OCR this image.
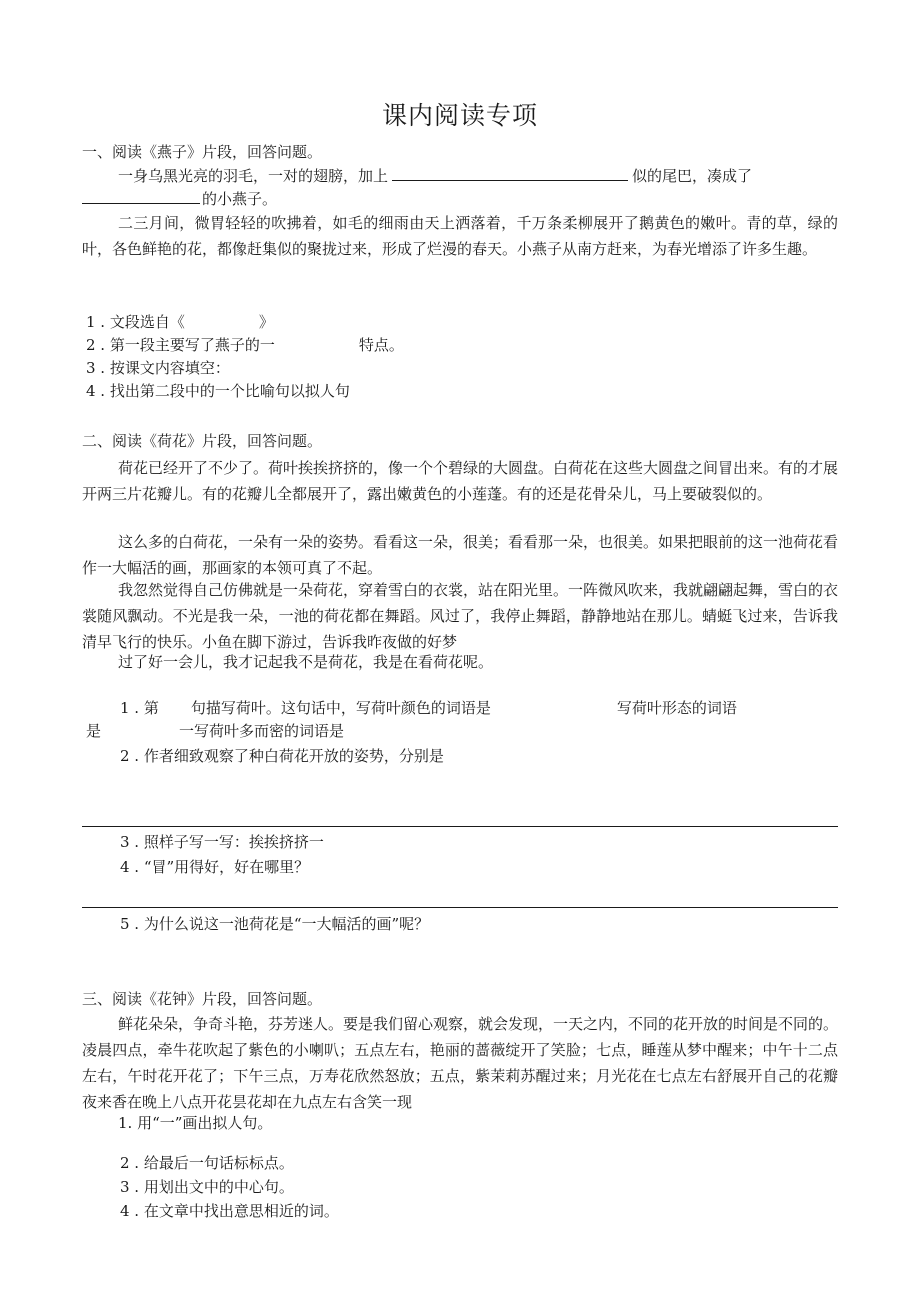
课内阅读专项
一、阅读《燕子》片段，回答问题。
一身乌黑光亮的羽毛，一对的翅膀，加上	似的尾巴，凑成了
的小燕子。
二三月间，微胃轻轻的吹拂着，如毛的细雨由天上洒落着，千万条柔柳展开了鹅黄色的嫩叶。青的草，绿的叶，各色鲜艳的花，都像赶集似的聚拢过来，形成了烂漫的春天。小燕子从南方赶来，为春光增添了许多生趣。
1 . 文段选自《	》
2 . 第一段主要写了燕子的一	特点。
3 . 按课文内容填空：
4 . 找出第二段中的一个比喻句以拟人句
二、阅读《荷花》片段，回答问题。
荷花已经开了不少了。荷叶挨挨挤挤的，像一个个碧绿的大圆盘。白荷花在这些大圆盘之间冒出来。有的才展开两三片花瓣儿。有的花瓣儿全都展开了，露出嫩黄色的小莲蓬。有的还是花骨朵儿，马上要破裂似的。
这么多的白荷花，一朵有一朵的姿势。看看这一朵，很美；看看那一朵，也很美。如果把眼前的这一池荷花看作一大幅活的画，那画家的本领可真了不起。
我忽然觉得自己仿佛就是一朵荷花，穿着雪白的衣裳，站在阳光里。一阵微风吹来，我就翩翩起舞，雪白的衣裳随风飘动。不光是我一朵，一池的荷花都在舞蹈。风过了，我停止舞蹈，静静地站在那儿。蜻蜓飞过来，告诉我清早飞行的快乐。小鱼在脚下游过，告诉我昨夜做的好梦
过了好一会儿，我才记起我不是荷花，我是在看荷花呢。
1 . 第 句描写荷叶。这句话中，写荷叶颜色的词语是	写荷叶形态的词语
是	一写荷叶多而密的词语是
2 . 作者细致观察了种白荷花开放的姿势，分别是
3 . 照样子写一写：挨挨挤挤一
4 . “冒”用得好，好在哪里？
5 . 为什么说这一池荷花是“一大幅活的画”呢？
三、阅读《花钟》片段，回答问题。
鲜花朵朵，争奇斗艳，芬芳迷人。要是我们留心观察，就会发现，一天之内，不同的花开放的时间是不同的。凌晨四点，牵牛花吹起了紫色的小喇叭；五点左右，艳丽的蔷薇绽开了笑脸；七点，睡莲从梦中醒来；中午十二点左右，午时花开花了；下午三点，万寿花欣然怒放；五点，紫茉莉苏醒过来；月光花在七点左右舒展开自己的花瓣夜来香在晚上八点开花昙花却在九点左右含笑一现
1. 用“一”画出拟人句。
2 . 给最后一句话标标点。
3 . 用划出文中的中心句。
4 . 在文章中找出意思相近的词。
